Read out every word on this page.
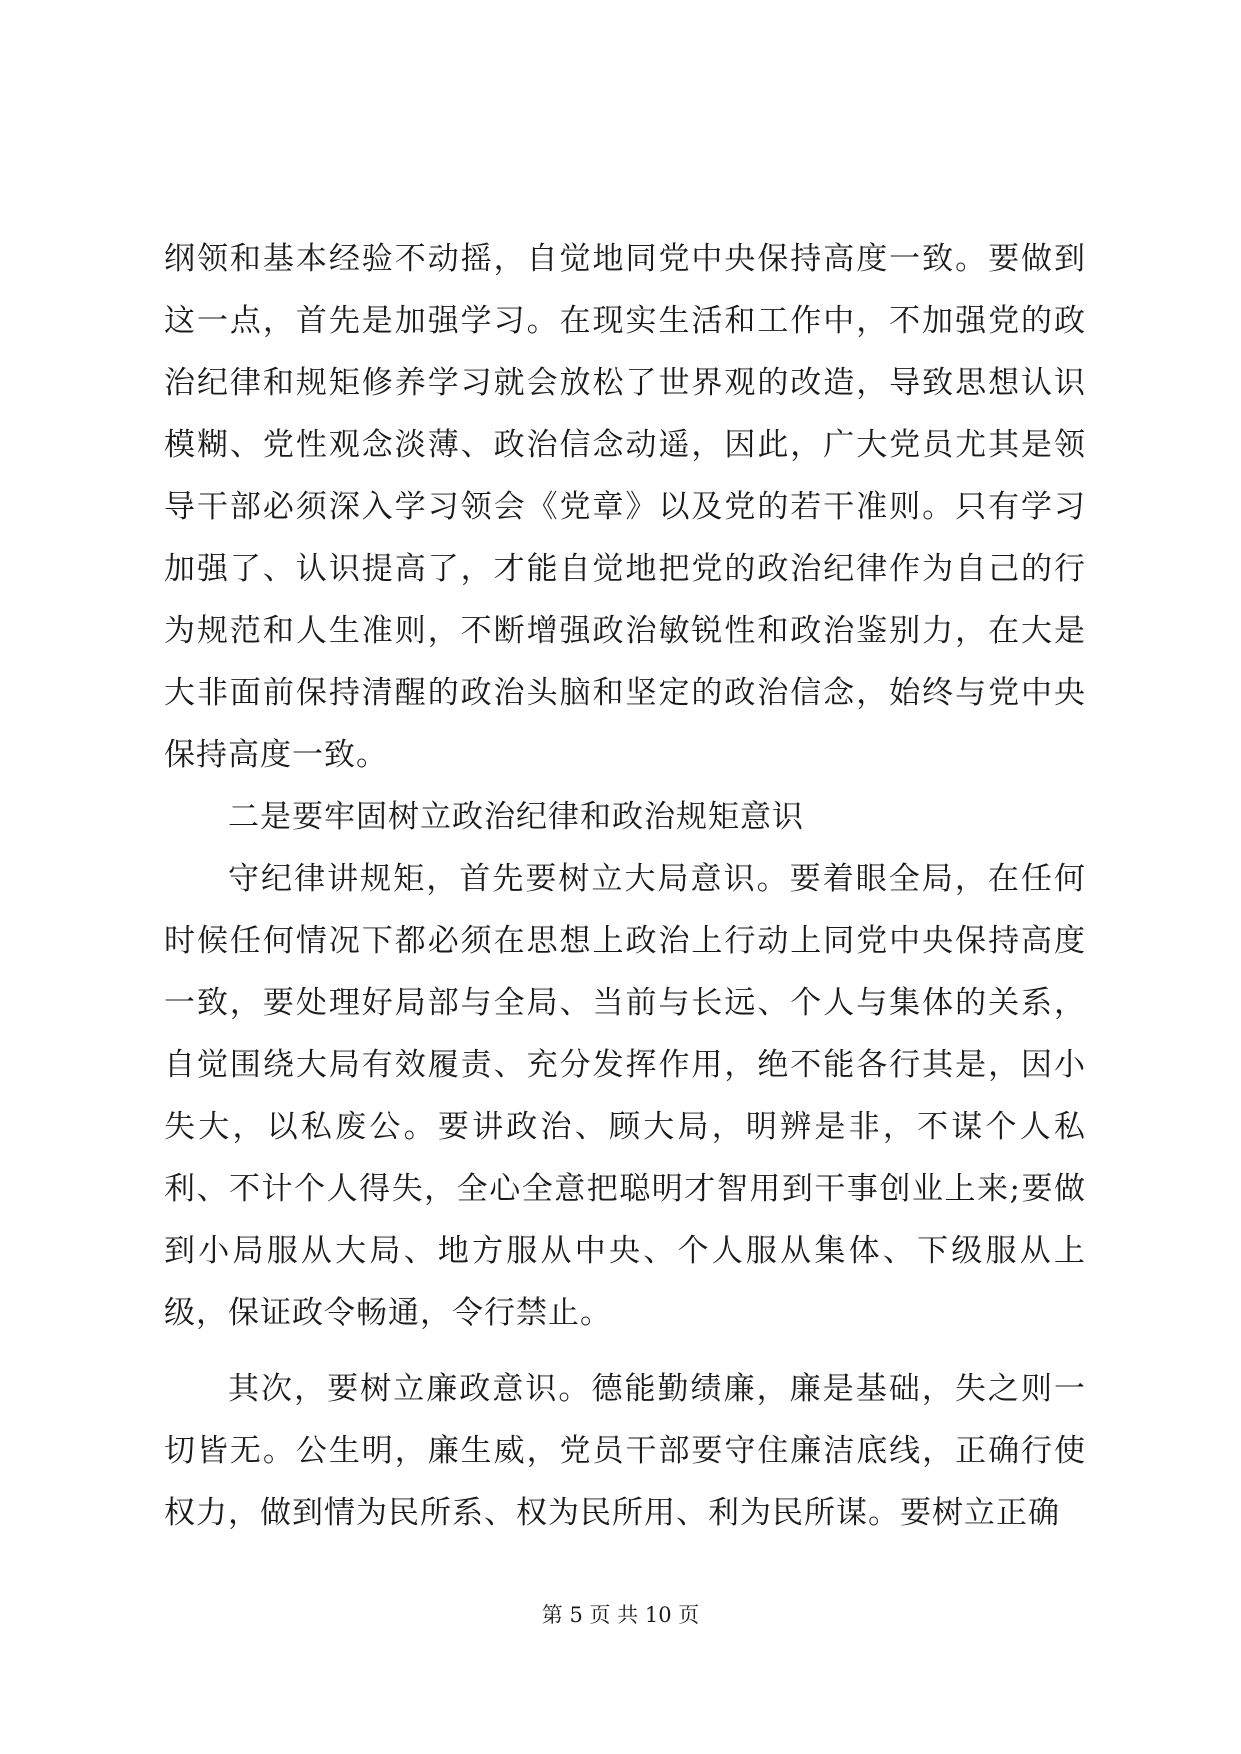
纲领和基本经验不动摇，自觉地同党中央保持高度一致。要做到这一点，首先是加强学习。在现实生活和工作中，不加强党的政治纪律和规矩修养学习就会放松了世界观的改造，导致思想认识模糊、党性观念淡薄、政治信念动遥，因此，广大党员尤其是领导干部必须深入学习领会《党章》以及党的若干准则。只有学习加强了、认识提高了，才能自觉地把党的政治纪律作为自己的行为规范和人生准则，不断增强政治敏锐性和政治鉴别力，在大是大非面前保持清醒的政治头脑和坚定的政治信念，始终与党中央保持高度一致。

二是要牢固树立政治纪律和政治规矩意识

守纪律讲规矩，首先要树立大局意识。要着眼全局，在任何时候任何情况下都必须在思想上政治上行动上同党中央保持高度一致，要处理好局部与全局、当前与长远、个人与集体的关系，自觉围绕大局有效履责、充分发挥作用，绝不能各行其是，因小失大，以私废公。要讲政治、顾大局，明辨是非，不谋个人私利、不计个人得失，全心全意把聪明才智用到干事创业上来;要做到小局服从大局、地方服从中央、个人服从集体、下级服从上级，保证政令畅通，令行禁止。

其次，要树立廉政意识。德能勤绩廉，廉是基础，失之则一切皆无。公生明，廉生威，党员干部要守住廉洁底线，正确行使权力，做到情为民所系、权为民所用、利为民所谋。要树立正确

第 5 页 共 10 页
